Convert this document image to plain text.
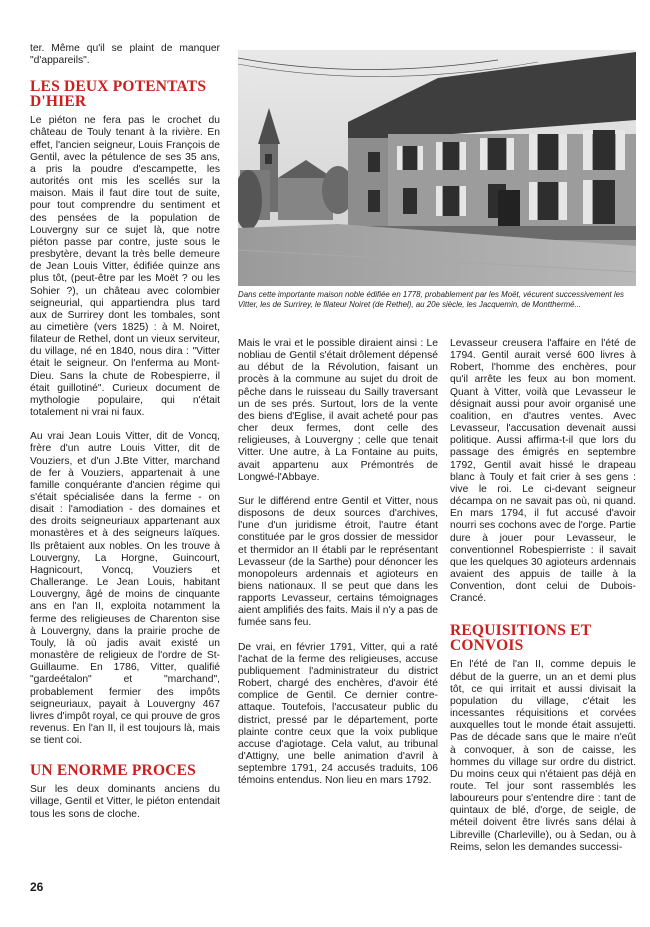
ter. Même qu'il se plaint de manquer "d'appareils".

LES DEUX POTENTATS D'HIER

Le piéton ne fera pas le crochet du château de Touly tenant à la rivière. En effet, l'ancien seigneur, Louis François de Gentil, avec la pétulence de ses 35 ans, a pris la poudre d'escampette, les autorités ont mis les scellés sur la maison. Mais il faut dire tout de suite, pour tout comprendre du sentiment et des pensées de la population de Louvergny sur ce sujet là, que notre piéton passe par contre, juste sous le presbytère, devant la très belle demeure de Jean Louis Vitter, édifiée quinze ans plus tôt, (peut-être par les Moët ? ou les Sohier ?), un château avec colombier seigneurial, qui appartiendra plus tard aux de Surrirey dont les tombales, sont au cimetière (vers 1825) : à M. Noiret, filateur de Rethel, dont un vieux serviteur, du village, né en 1840, nous dira : "Vitter était le seigneur. On l'enferma au Mont-Dieu. Sans la chute de Robespierre, il était guillotiné". Curieux document de mythologie populaire, qui n'était totalement ni vrai ni faux.

Au vrai Jean Louis Vitter, dit de Voncq, frère d'un autre Louis Vitter, dit de Vouziers, et d'un J.Bte Vitter, marchand de fer à Vouziers, appartenait à une famille conquérante d'ancien régime qui s'était spécialisée dans la ferme - on disait : l'amodiation - des domaines et des droits seigneuriaux appartenant aux monastères et à des seigneurs laïques. Ils prêtaient aux nobles. On les trouve à Louvergny, La Horgne, Guincourt, Hagnicourt, Voncq, Vouziers et Challerange. Le Jean Louis, habitant Louvergny, âgé de moins de cinquante ans en l'an II, exploita notamment la ferme des religieuses de Charenton sise à Louvergny, dans la prairie proche de Touly, là où jadis avait existé un monastère de religieux de l'ordre de St-Guillaume. En 1786, Vitter, qualifié "gardeétalon" et "marchand", probablement fermier des impôts seigneuriaux, payait à Louvergny 467 livres d'impôt royal, ce qui prouve de gros revenus. En l'an II, il est toujours là, mais se tient coi.

UN ENORME PROCES

Sur les deux dominants anciens du village, Gentil et Vitter, le piéton entendait tous les sons de cloche.

Dans cette importante maison noble édifiée en 1778, probablement par les Moët, vécurent successivement les Vitter, les de Surrirey, le filateur Noiret (de Rethel), au 20e siècle, les Jacquemin, de Montthermé...

Mais le vrai et le possible diraient ainsi : Le nobliau de Gentil s'était drôlement dépensé au début de la Révolution, faisant un procès à la commune au sujet du droit de pêche dans le ruisseau du Sailly traversant un de ses prés. Surtout, lors de la vente des biens d'Eglise, il avait acheté pour pas cher deux fermes, dont celle des religieuses, à Louvergny ; celle que tenait Vitter. Une autre, à La Fontaine au puits, avait appartenu aux Prémontrés de Longwé-l'Abbaye.

Sur le différend entre Gentil et Vitter, nous disposons de deux sources d'archives, l'une d'un juridisme étroit, l'autre étant constituée par le gros dossier de messidor et thermidor an II établi par le représentant Levasseur (de la Sarthe) pour dénoncer les monopoleurs ardennais et agioteurs en biens nationaux. Il se peut que dans les rapports Levasseur, certains témoignages aient amplifiés des faits. Mais il n'y a pas de fumée sans feu.

De vrai, en février 1791, Vitter, qui a raté l'achat de la ferme des religieuses, accuse publiquement l'administrateur du district Robert, chargé des enchères, d'avoir été complice de Gentil. Ce dernier contre-attaque. Toutefois, l'accusateur public du district, pressé par le département, porte plainte contre ceux que la voix publique accuse d'agiotage. Cela valut, au tribunal d'Attigny, une belle animation d'avril à septembre 1791, 24 accusés traduits, 106 témoins entendus. Non lieu en mars 1792.

Levasseur creusera l'affaire en l'été de 1794. Gentil aurait versé 600 livres à Robert, l'homme des enchères, pour qu'il arrête les feux au bon moment. Quant à Vitter, voilà que Levasseur le désignait aussi pour avoir organisé une coalition, en d'autres ventes. Avec Levasseur, l'accusation devenait aussi politique. Aussi affirma-t-il que lors du passage des émigrés en septembre 1792, Gentil avait hissé le drapeau blanc à Touly et fait crier à ses gens : vive le roi. Le ci-devant seigneur décampa on ne savait pas où, ni quand. En mars 1794, il fut accusé d'avoir nourri ses cochons avec de l'orge. Partie dure à jouer pour Levasseur, le conventionnel Robespierriste : il savait que les quelques 30 agioteurs ardennais avaient des appuis de taille à la Convention, dont celui de Dubois-Crancé.

REQUISITIONS ET CONVOIS

En l'été de l'an II, comme depuis le début de la guerre, un an et demi plus tôt, ce qui irritait et aussi divisait la population du village, c'était les incessantes réquisitions et corvées auxquelles tout le monde était assujetti. Pas de décade sans que le maire n'eût à convoquer, à son de caisse, les hommes du village sur ordre du district. Du moins ceux qui n'étaient pas déjà en route. Tel jour sont rassemblés les laboureurs pour s'entendre dire : tant de quintaux de blé, d'orge, de seigle, de méteil doivent être livrés sans délai à Libreville (Charleville), ou à Sedan, ou à Reims, selon les demandes successi-

26
